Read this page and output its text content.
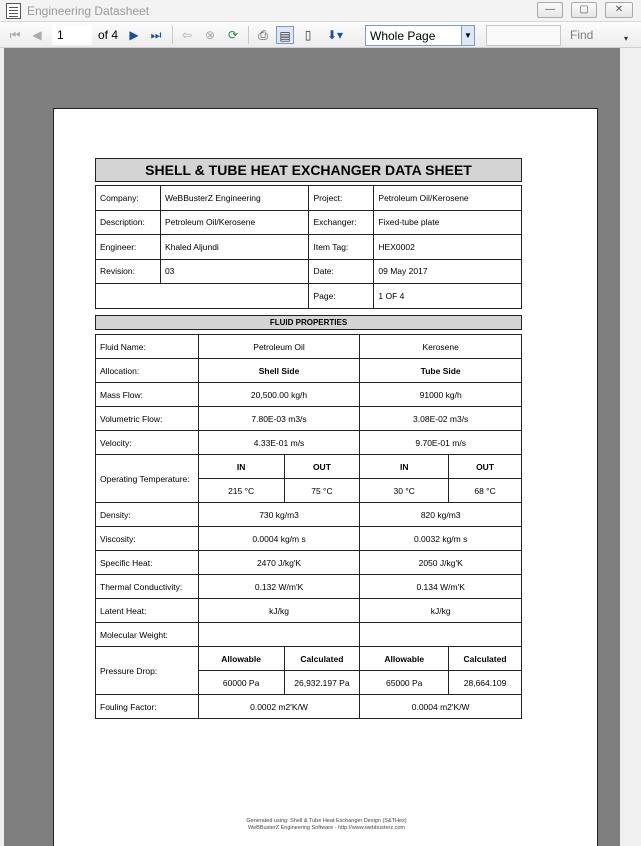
Engineering Datasheet	—	▢	✕
⏮ ◀
1	of 4 ▶ ⏭	⇦	⊗	⟳	⎙ ▤	▯	⬇▾	Whole Page	▼	Find	▾
SHELL & TUBE HEAT EXCHANGER DATA SHEET
Company:	WeBBusterZ Engineering	Project:	Petroleum Oil/Kerosene
Description:	Petroleum Oil/Kerosene	Exchanger:	Fixed-tube plate
Engineer:	Khaled Aljundi	Item Tag:	HEX0002
Revision:	03	Date:	09 May 2017
		Page:	1 OF 4
FLUID PROPERTIES
Fluid Name:	Petroleum Oil		Kerosene	
Allocation:	Shell Side		Tube Side	
Mass Flow:	20,500.00 kg/h		91000 kg/h	
Volumetric Flow:	7.80E-03 m3/s		3.08E-02 m3/s	
Velocity:	4.33E-01 m/s		9.70E-01 m/s	
Operating Temperature:	IN	OUT	IN	OUT
	215 °C	75 °C	30 °C	68 °C
Density:	730 kg/m3		820 kg/m3	
Viscosity:	0.0004 kg/m s		0.0032 kg/m s	
Specific Heat:	2470 J/kg'K		2050 J/kg'K	
Thermal Conductivity:	0.132 W/m'K		0.134 W/m'K	
Latent Heat:	kJ/kg		kJ/kg	
Molecular Weight:				
Pressure Drop:	Allowable	Calculated	Allowable	Calculated
	60000 Pa	26,932.197 Pa	65000 Pa	28,664.109
Fouling Factor:	0.0002 m2'K/W		0.0004 m2'K/W	
Generated using: Shell & Tube Heat Exchanger Design (S&THex)
WeBBusterZ Engineering Software - http://www.webbusterz.com
